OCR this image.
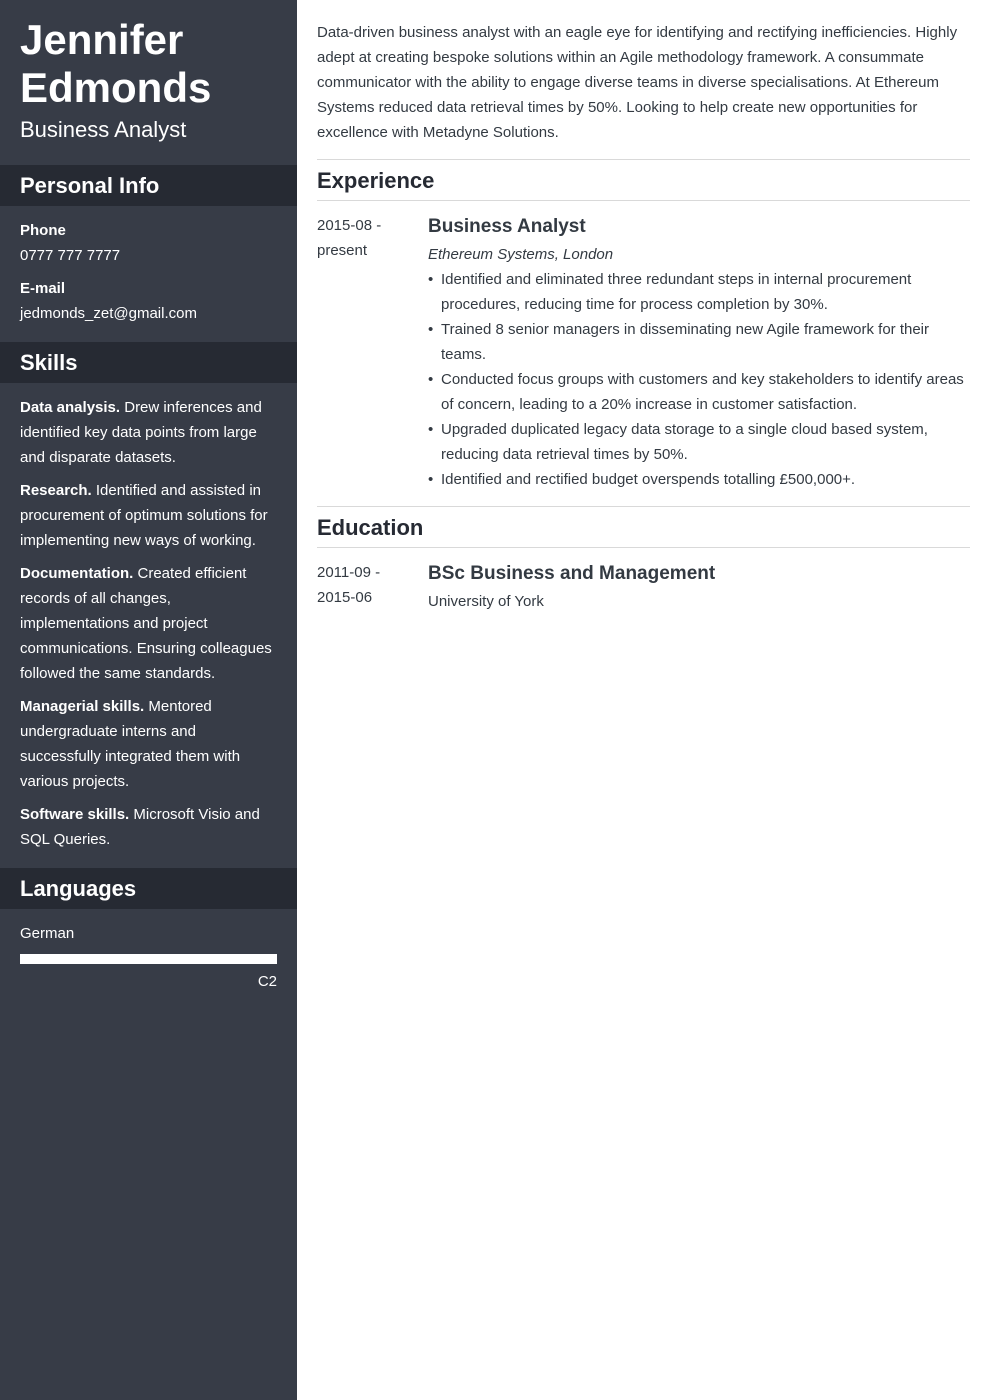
Jennifer
Edmonds
Business Analyst
Personal Info
Phone
0777 777 7777
E-mail
jedmonds_zet@gmail.com
Skills
Data analysis. Drew inferences and identified key data points from large and disparate datasets.
Research. Identified and assisted in procurement of optimum solutions for implementing new ways of working.
Documentation. Created efficient records of all changes, implementations and project communications. Ensuring colleagues followed the same standards.
Managerial skills. Mentored undergraduate interns and successfully integrated them with various projects.
Software skills. Microsoft Visio and SQL Queries.
Languages
German
C2

Data-driven business analyst with an eagle eye for identifying and rectifying inefficiencies. Highly adept at creating bespoke solutions within an Agile methodology framework. A consummate communicator with the ability to engage diverse teams in diverse specialisations. At Ethereum Systems reduced data retrieval times by 50%. Looking to help create new opportunities for excellence with Metadyne Solutions.

Experience
2015-08 -
present
Business Analyst
Ethereum Systems, London
• Identified and eliminated three redundant steps in internal procurement procedures, reducing time for process completion by 30%.
• Trained 8 senior managers in disseminating new Agile framework for their teams.
• Conducted focus groups with customers and key stakeholders to identify areas of concern, leading to a 20% increase in customer satisfaction.
• Upgraded duplicated legacy data storage to a single cloud based system, reducing data retrieval times by 50%.
• Identified and rectified budget overspends totalling £500,000+.
Education
2011-09 -
2015-06
BSc Business and Management
University of York
